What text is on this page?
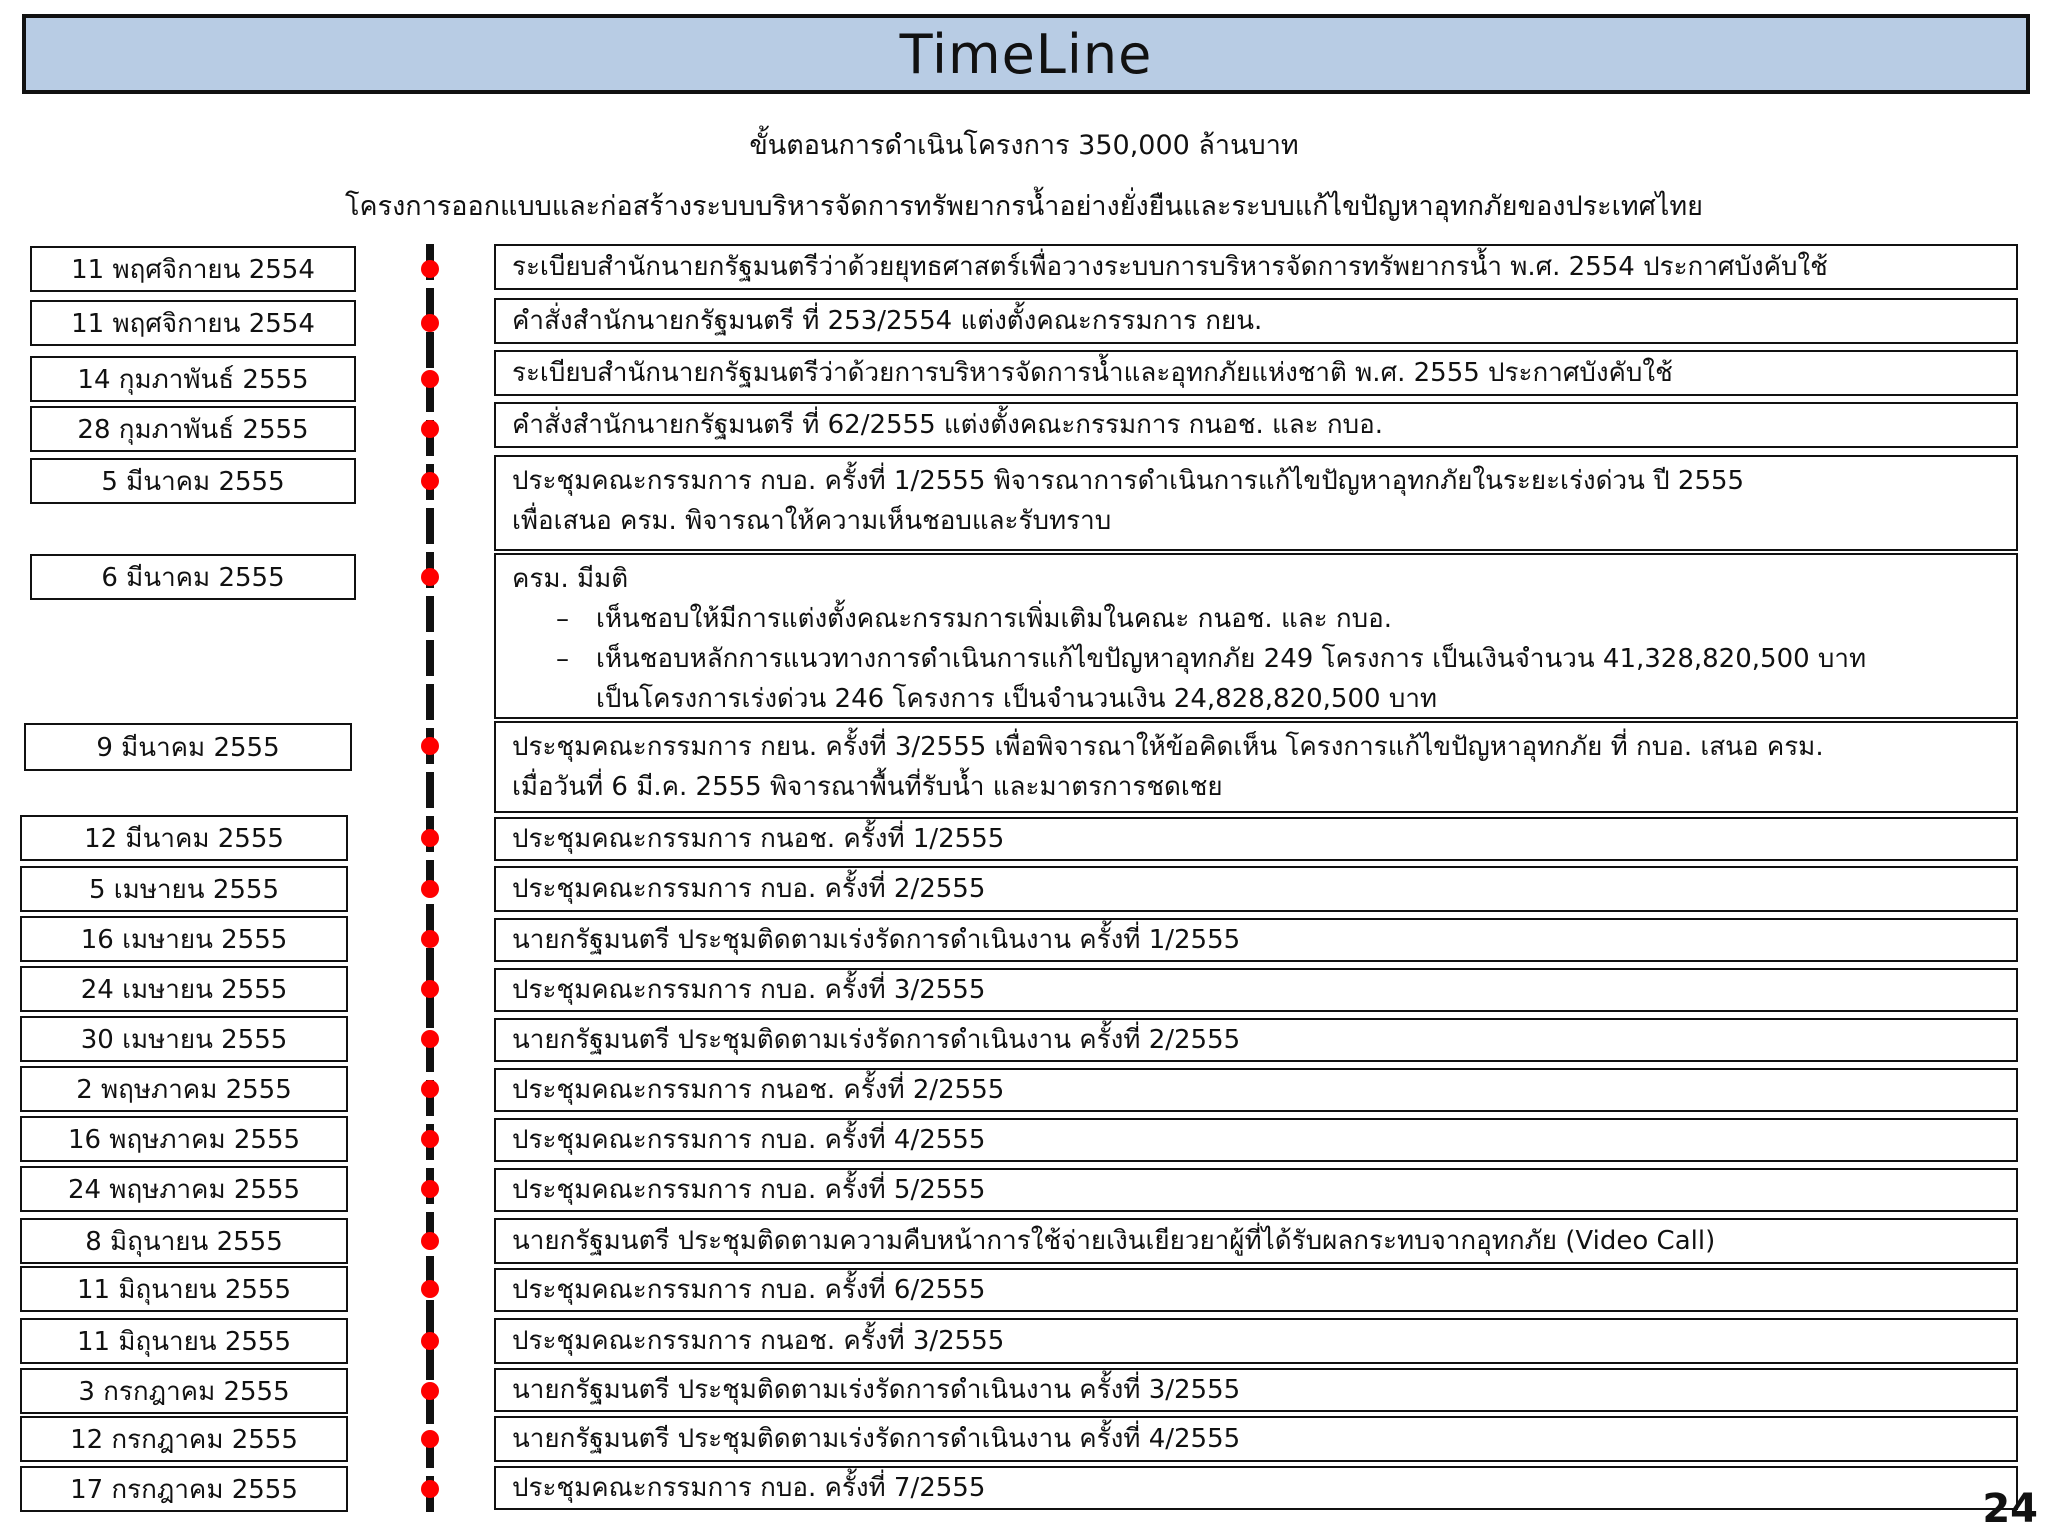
TimeLine
ขั้นตอนการดำเนินโครงการ 350,000 ล้านบาท
โครงการออกแบบและก่อสร้างระบบบริหารจัดการทรัพยากรน้ำอย่างยั่งยืนและระบบแก้ไขปัญหาอุทกภัยของประเทศไทย
11 พฤศจิกายน 2554	ระเบียบสำนักนายกรัฐมนตรีว่าด้วยยุทธศาสตร์เพื่อวางระบบการบริหารจัดการทรัพยากรน้ำ พ.ศ. 2554 ประกาศบังคับใช้
11 พฤศจิกายน 2554	คำสั่งสำนักนายกรัฐมนตรี ที่ 253/2554 แต่งตั้งคณะกรรมการ กยน.
14 กุมภาพันธ์ 2555	ระเบียบสำนักนายกรัฐมนตรีว่าด้วยการบริหารจัดการน้ำและอุทกภัยแห่งชาติ พ.ศ. 2555 ประกาศบังคับใช้
28 กุมภาพันธ์ 2555	คำสั่งสำนักนายกรัฐมนตรี ที่ 62/2555 แต่งตั้งคณะกรรมการ กนอช. และ กบอ.
5 มีนาคม 2555	ประชุมคณะกรรมการ กบอ. ครั้งที่ 1/2555 พิจารณาการดำเนินการแก้ไขปัญหาอุทกภัยในระยะเร่งด่วน ปี 2555
เพื่อเสนอ ครม. พิจารณาให้ความเห็นชอบและรับทราบ
6 มีนาคม 2555	ครม. มีมติ
– เห็นชอบให้มีการแต่งตั้งคณะกรรมการเพิ่มเติมในคณะ กนอช. และ กบอ.
– เห็นชอบหลักการแนวทางการดำเนินการแก้ไขปัญหาอุทกภัย 249 โครงการ เป็นเงินจำนวน 41,328,820,500 บาท
เป็นโครงการเร่งด่วน 246 โครงการ เป็นจำนวนเงิน 24,828,820,500 บาท
9 มีนาคม 2555	ประชุมคณะกรรมการ กยน. ครั้งที่ 3/2555 เพื่อพิจารณาให้ข้อคิดเห็น โครงการแก้ไขปัญหาอุทกภัย ที่ กบอ. เสนอ ครม.
เมื่อวันที่ 6 มี.ค. 2555 พิจารณาพื้นที่รับน้ำ และมาตรการชดเชย
12 มีนาคม 2555	ประชุมคณะกรรมการ กนอช. ครั้งที่ 1/2555
5 เมษายน 2555	ประชุมคณะกรรมการ กบอ. ครั้งที่ 2/2555
16 เมษายน 2555	นายกรัฐมนตรี ประชุมติดตามเร่งรัดการดำเนินงาน ครั้งที่ 1/2555
24 เมษายน 2555	ประชุมคณะกรรมการ กบอ. ครั้งที่ 3/2555
30 เมษายน 2555	นายกรัฐมนตรี ประชุมติดตามเร่งรัดการดำเนินงาน ครั้งที่ 2/2555
2 พฤษภาคม 2555	ประชุมคณะกรรมการ กนอช. ครั้งที่ 2/2555
16 พฤษภาคม 2555	ประชุมคณะกรรมการ กบอ. ครั้งที่ 4/2555
24 พฤษภาคม 2555	ประชุมคณะกรรมการ กบอ. ครั้งที่ 5/2555
8 มิถุนายน 2555	นายกรัฐมนตรี ประชุมติดตามความคืบหน้าการใช้จ่ายเงินเยียวยาผู้ที่ได้รับผลกระทบจากอุทกภัย (Video Call)
11 มิถุนายน 2555	ประชุมคณะกรรมการ กบอ. ครั้งที่ 6/2555
11 มิถุนายน 2555	ประชุมคณะกรรมการ กนอช. ครั้งที่ 3/2555
3 กรกฎาคม 2555	นายกรัฐมนตรี ประชุมติดตามเร่งรัดการดำเนินงาน ครั้งที่ 3/2555
12 กรกฎาคม 2555	นายกรัฐมนตรี ประชุมติดตามเร่งรัดการดำเนินงาน ครั้งที่ 4/2555
17 กรกฎาคม 2555	ประชุมคณะกรรมการ กบอ. ครั้งที่ 7/2555	24
